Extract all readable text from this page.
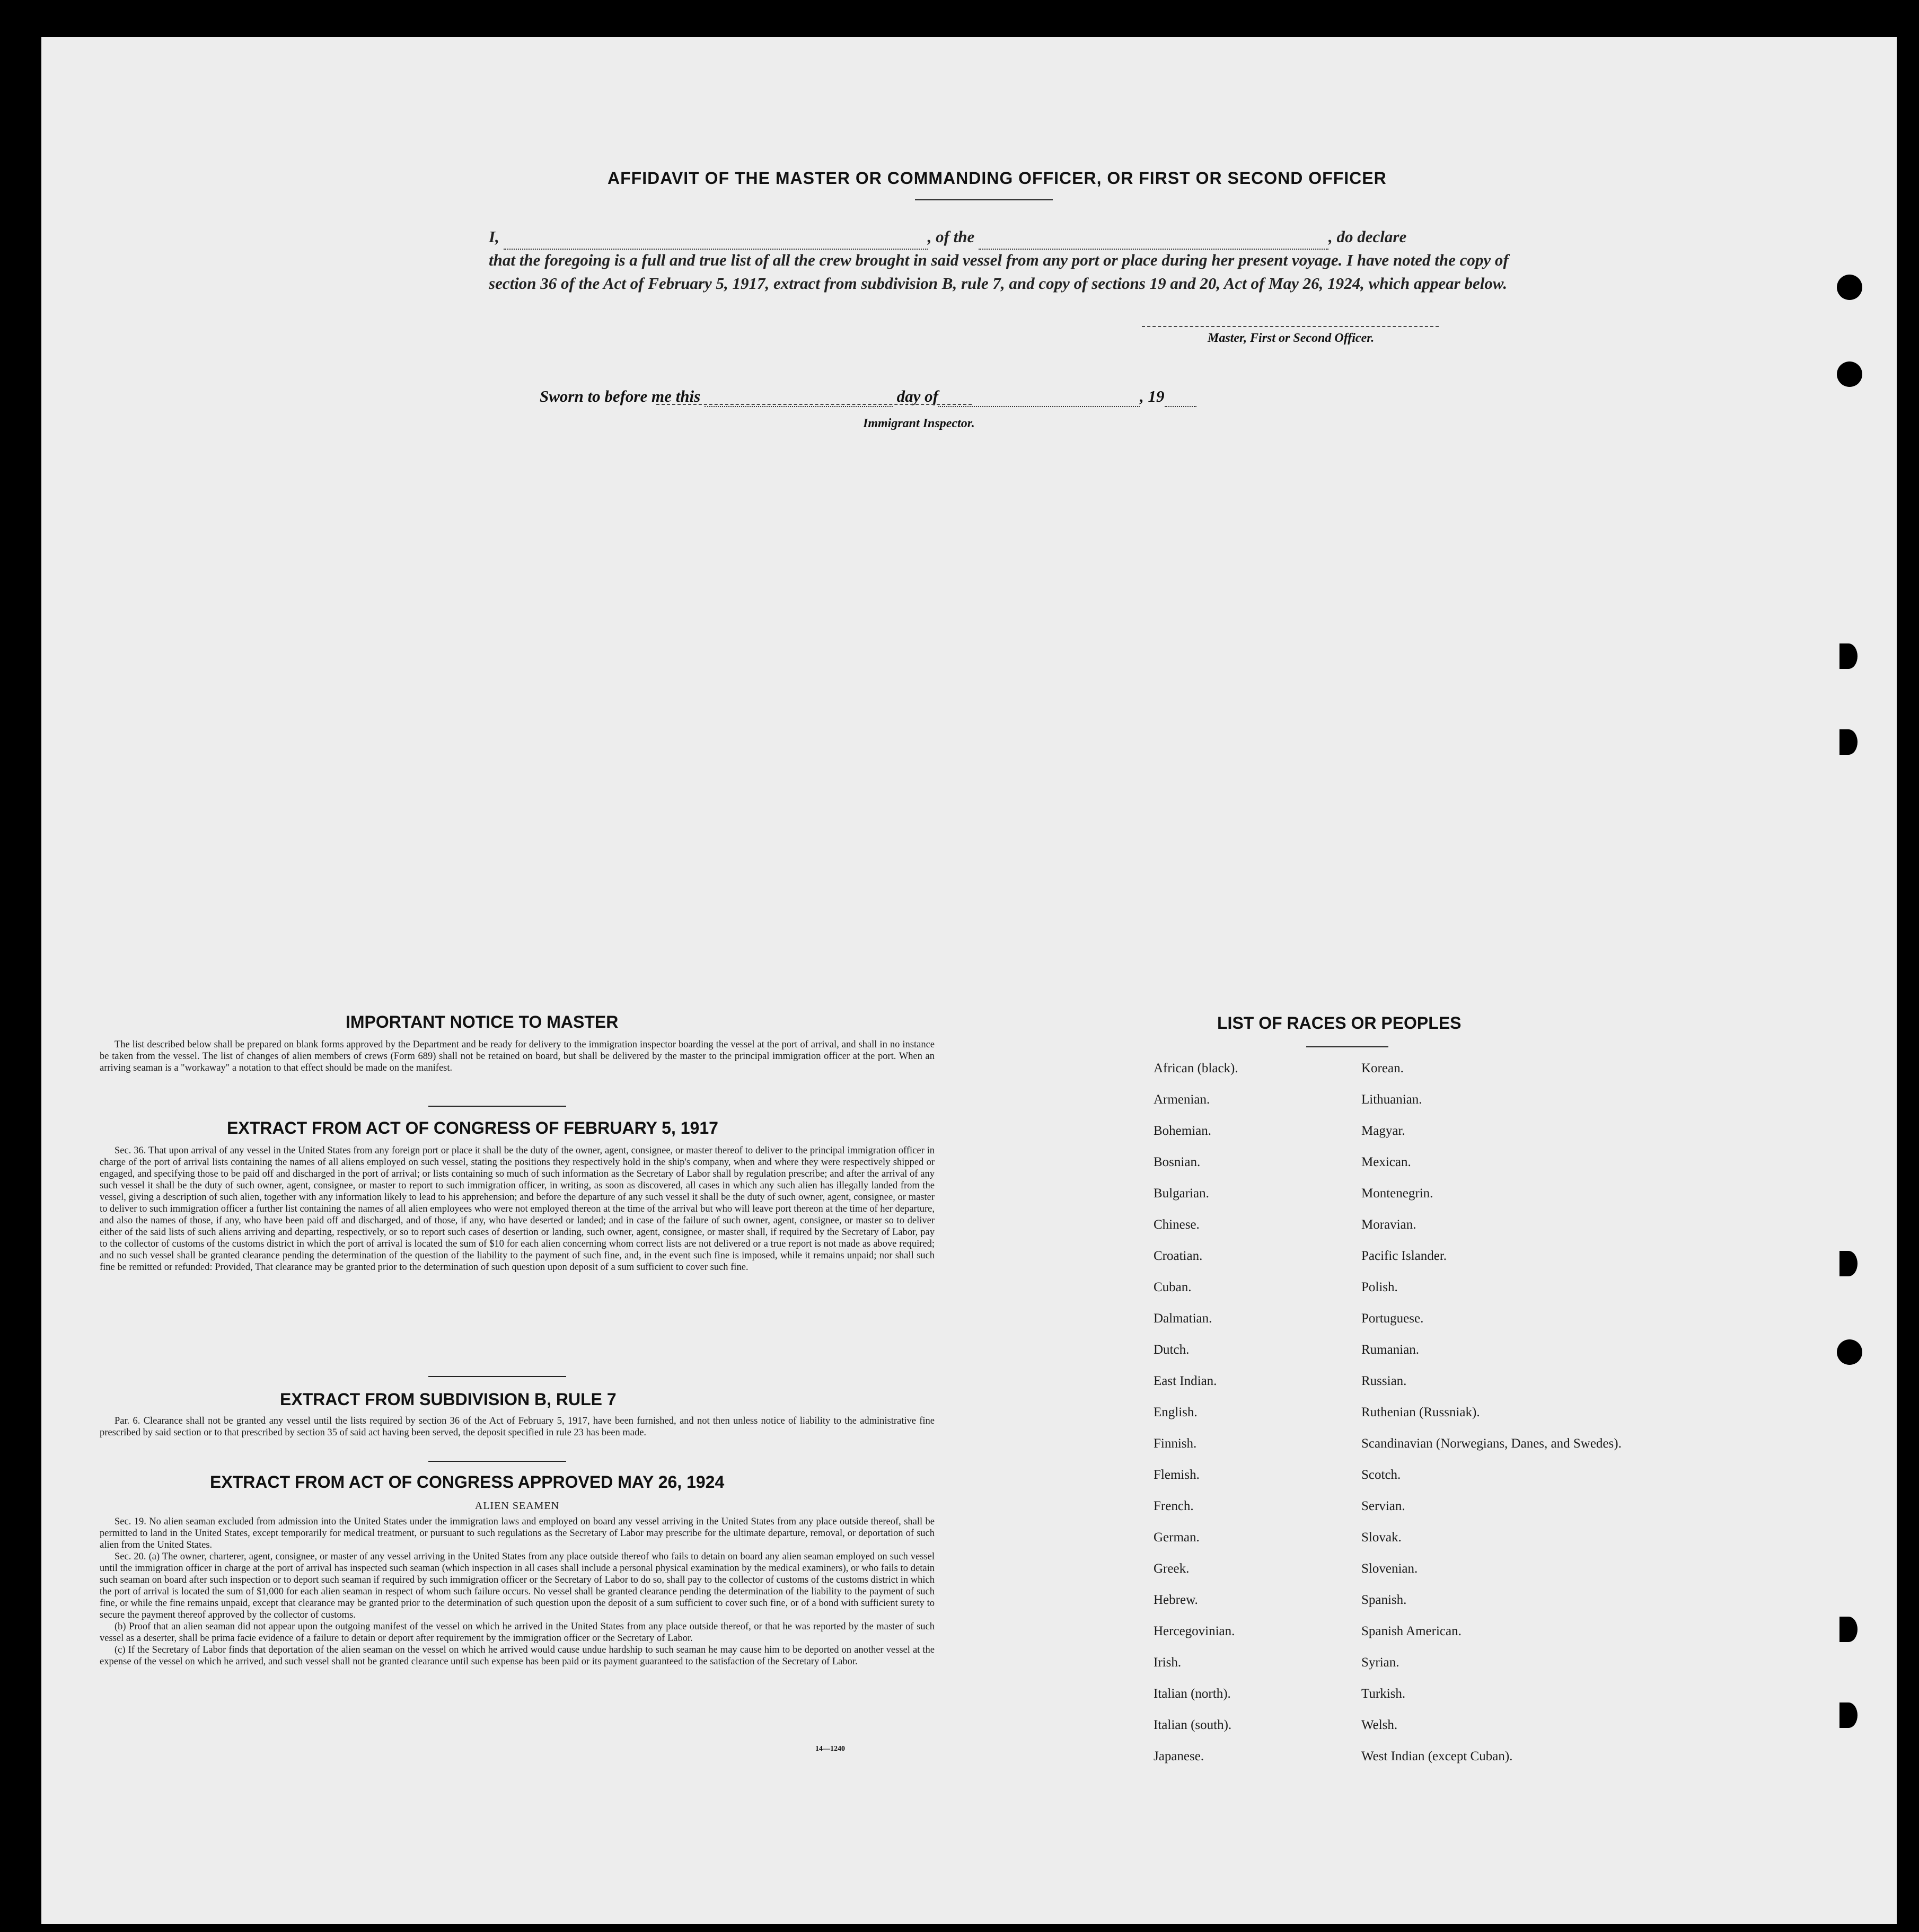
AFFIDAVIT OF THE MASTER OR COMMANDING OFFICER, OR FIRST OR SECOND OFFICER
I,	, of the	, do declare
that the foregoing is a full and true list of all the crew brought in said vessel from any port or place during her present voyage. I have noted the copy of section 36 of the Act of February 5, 1917, extract from subdivision B, rule 7, and copy of sections 19 and 20, Act of May 26, 1924, which appear below.
Master, First or Second Officer.
Sworn to before me this	day of	, 19
Immigrant Inspector.
IMPORTANT NOTICE TO MASTER

The list described below shall be prepared on blank forms approved by the Department and be ready for delivery to the immigration inspector boarding the vessel at the port of arrival, and shall in no instance be taken from the vessel. The list of changes of alien members of crews (Form 689) shall not be retained on board, but shall be delivered by the master to the principal immigration officer at the port. When an arriving seaman is a "workaway" a notation to that effect should be made on the manifest.

EXTRACT FROM ACT OF CONGRESS OF FEBRUARY 5, 1917

Sec. 36. That upon arrival of any vessel in the United States from any foreign port or place it shall be the duty of the owner, agent, consignee, or master thereof to deliver to the principal immigration officer in charge of the port of arrival lists containing the names of all aliens employed on such vessel, stating the positions they respectively hold in the ship's company, when and where they were respectively shipped or engaged, and specifying those to be paid off and discharged in the port of arrival; or lists containing so much of such information as the Secretary of Labor shall by regulation prescribe; and after the arrival of any such vessel it shall be the duty of such owner, agent, consignee, or master to report to such immigration officer, in writing, as soon as discovered, all cases in which any such alien has illegally landed from the vessel, giving a description of such alien, together with any information likely to lead to his apprehension; and before the departure of any such vessel it shall be the duty of such owner, agent, consignee, or master to deliver to such immigration officer a further list containing the names of all alien employees who were not employed thereon at the time of the arrival but who will leave port thereon at the time of her departure, and also the names of those, if any, who have been paid off and discharged, and of those, if any, who have deserted or landed; and in case of the failure of such owner, agent, consignee, or master so to deliver either of the said lists of such aliens arriving and departing, respectively, or so to report such cases of desertion or landing, such owner, agent, consignee, or master shall, if required by the Secretary of Labor, pay to the collector of customs of the customs district in which the port of arrival is located the sum of $10 for each alien concerning whom correct lists are not delivered or a true report is not made as above required; and no such vessel shall be granted clearance pending the determination of the question of the liability to the payment of such fine, and, in the event such fine is imposed, while it remains unpaid; nor shall such fine be remitted or refunded: Provided, That clearance may be granted prior to the determination of such question upon deposit of a sum sufficient to cover such fine.

EXTRACT FROM SUBDIVISION B, RULE 7

Par. 6. Clearance shall not be granted any vessel until the lists required by section 36 of the Act of February 5, 1917, have been furnished, and not then unless notice of liability to the administrative fine prescribed by said section or to that prescribed by section 35 of said act having been served, the deposit specified in rule 23 has been made.

EXTRACT FROM ACT OF CONGRESS APPROVED MAY 26, 1924
ALIEN SEAMEN

Sec. 19. No alien seaman excluded from admission into the United States under the immigration laws and employed on board any vessel arriving in the United States from any place outside thereof, shall be permitted to land in the United States, except temporarily for medical treatment, or pursuant to such regulations as the Secretary of Labor may prescribe for the ultimate departure, removal, or deportation of such alien from the United States.

Sec. 20. (a) The owner, charterer, agent, consignee, or master of any vessel arriving in the United States from any place outside thereof who fails to detain on board any alien seaman employed on such vessel until the immigration officer in charge at the port of arrival has inspected such seaman (which inspection in all cases shall include a personal physical examination by the medical examiners), or who fails to detain such seaman on board after such inspection or to deport such seaman if required by such immigration officer or the Secretary of Labor to do so, shall pay to the collector of customs of the customs district in which the port of arrival is located the sum of $1,000 for each alien seaman in respect of whom such failure occurs. No vessel shall be granted clearance pending the determination of the liability to the payment of such fine, or while the fine remains unpaid, except that clearance may be granted prior to the determination of such question upon the deposit of a sum sufficient to cover such fine, or of a bond with sufficient surety to secure the payment thereof approved by the collector of customs.

(b) Proof that an alien seaman did not appear upon the outgoing manifest of the vessel on which he arrived in the United States from any place outside thereof, or that he was reported by the master of such vessel as a deserter, shall be prima facie evidence of a failure to detain or deport after requirement by the immigration officer or the Secretary of Labor.

(c) If the Secretary of Labor finds that deportation of the alien seaman on the vessel on which he arrived would cause undue hardship to such seaman he may cause him to be deported on another vessel at the expense of the vessel on which he arrived, and such vessel shall not be granted clearance until such expense has been paid or its payment guaranteed to the satisfaction of the Secretary of Labor.

14—1240
LIST OF RACES OR PEOPLES
African (black).
Armenian.
Bohemian.
Bosnian.
Bulgarian.
Chinese.
Croatian.
Cuban.
Dalmatian.
Dutch.
East Indian.
English.
Finnish.
Flemish.
French.
German.
Greek.
Hebrew.
Hercegovinian.
Irish.
Italian (north).
Italian (south).
Japanese.
Korean.
Lithuanian.
Magyar.
Mexican.
Montenegrin.
Moravian.
Pacific Islander.
Polish.
Portuguese.
Rumanian.
Russian.
Ruthenian (Russniak).
Scandinavian (Norwegians, Danes, and Swedes).
Scotch.
Servian.
Slovak.
Slovenian.
Spanish.
Spanish American.
Syrian.
Turkish.
Welsh.
West Indian (except Cuban).
